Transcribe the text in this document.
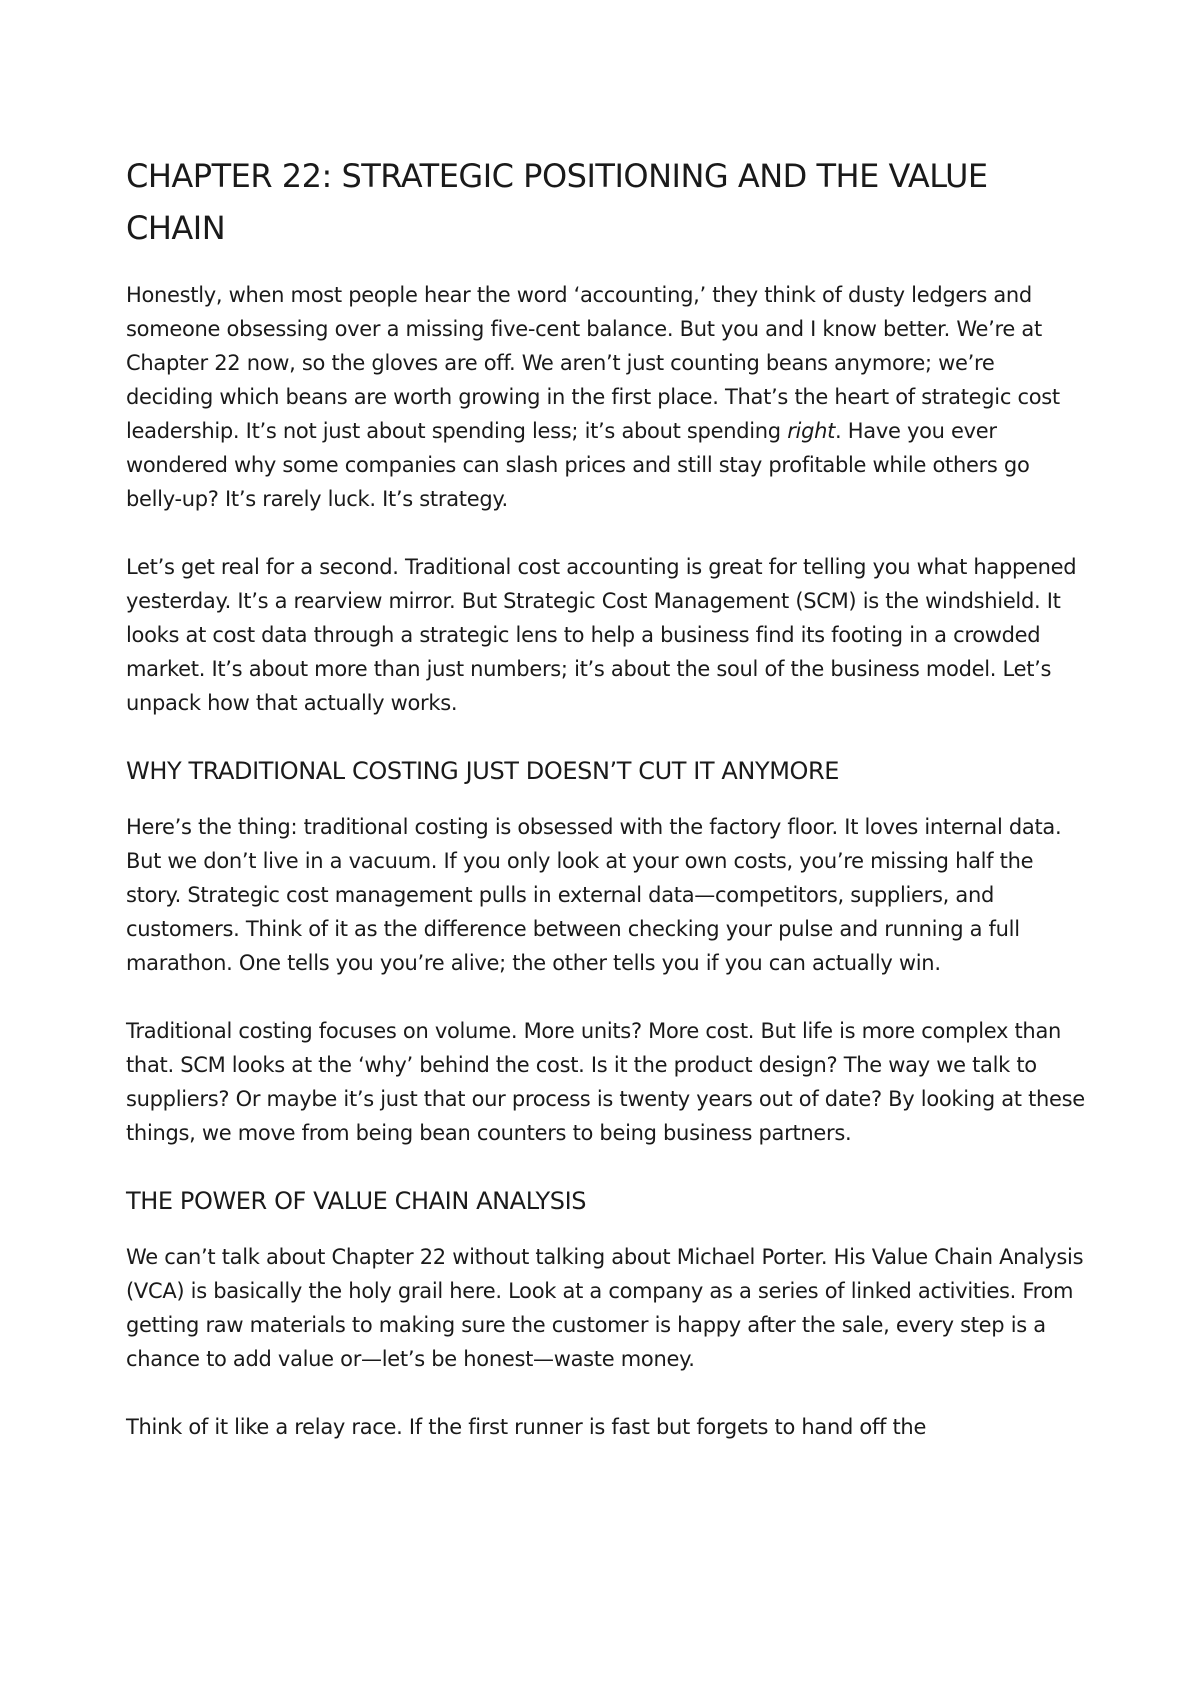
CHAPTER 22: STRATEGIC POSITIONING AND THE VALUE CHAIN

Honestly, when most people hear the word ‘accounting,’ they think of dusty ledgers and someone obsessing over a missing five-cent balance. But you and I know better. We’re at Chapter 22 now, so the gloves are off. We aren’t just counting beans anymore; we’re deciding which beans are worth growing in the first place. That’s the heart of strategic cost leadership. It’s not just about spending less; it’s about spending right. Have you ever wondered why some companies can slash prices and still stay profitable while others go belly-up? It’s rarely luck. It’s strategy.

Let’s get real for a second. Traditional cost accounting is great for telling you what happened yesterday. It’s a rearview mirror. But Strategic Cost Management (SCM) is the windshield. It looks at cost data through a strategic lens to help a business find its footing in a crowded market. It’s about more than just numbers; it’s about the soul of the business model. Let’s unpack how that actually works.

WHY TRADITIONAL COSTING JUST DOESN’T CUT IT ANYMORE

Here’s the thing: traditional costing is obsessed with the factory floor. It loves internal data. But we don’t live in a vacuum. If you only look at your own costs, you’re missing half the story. Strategic cost management pulls in external data—competitors, suppliers, and customers. Think of it as the difference between checking your pulse and running a full marathon. One tells you you’re alive; the other tells you if you can actually win.

Traditional costing focuses on volume. More units? More cost. But life is more complex than that. SCM looks at the ‘why’ behind the cost. Is it the product design? The way we talk to suppliers? Or maybe it’s just that our process is twenty years out of date? By looking at these things, we move from being bean counters to being business partners.

THE POWER OF VALUE CHAIN ANALYSIS

We can’t talk about Chapter 22 without talking about Michael Porter. His Value Chain Analysis (VCA) is basically the holy grail here. Look at a company as a series of linked activities. From getting raw materials to making sure the customer is happy after the sale, every step is a chance to add value or—let’s be honest—waste money.

Think of it like a relay race. If the first runner is fast but forgets to hand off the
